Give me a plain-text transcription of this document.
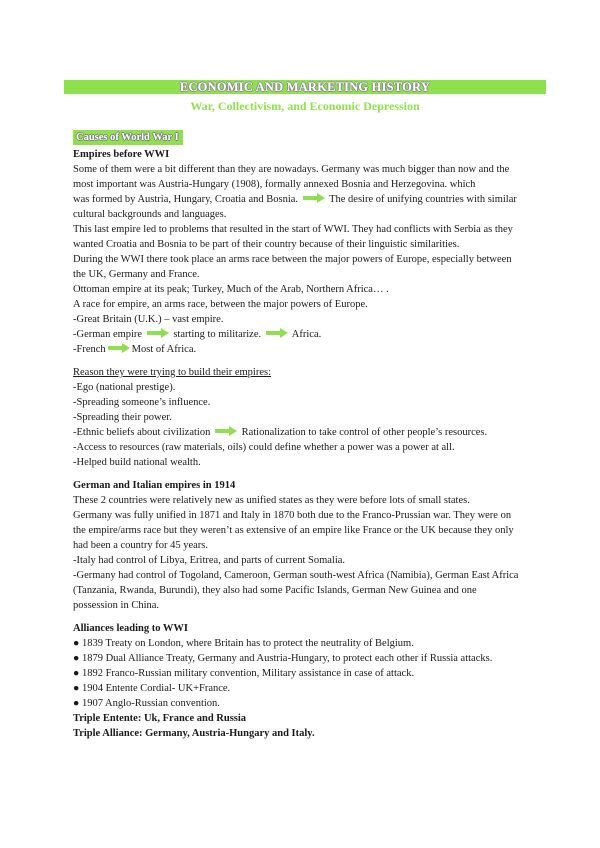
ECONOMIC AND MARKETING HISTORY
War, Collectivism, and Economic Depression
Causes of World War I

Empires before WWI

Some of them were a bit different than they are nowadays. Germany was much bigger than now and the most important was Austria-Hungary (1908), formally annexed Bosnia and Herzegovina. which

was formed by Austria, Hungary, Croatia and Bosnia.	The desire of unifying countries with similar cultural backgrounds and languages.

This last empire led to problems that resulted in the start of WWI. They had conflicts with Serbia as they wanted Croatia and Bosnia to be part of their country because of their linguistic similarities.

During the WWI there took place an arms race between the major powers of Europe, especially between the UK, Germany and France.

Ottoman empire at its peak; Turkey, Much of the Arab, Northern Africa… .

A race for empire, an arms race, between the major powers of Europe.

-Great Britain (U.K.) – vast empire.

-German empire	starting to militarize.	Africa.

-French Most of Africa.

Reason they were trying to build their empires:

-Ego (national prestige).

-Spreading someone’s influence.

-Spreading their power.

-Ethnic beliefs about civilization	Rationalization to take control of other people’s resources.

-Access to resources (raw materials, oils) could define whether a power was a power at all.

-Helped build national wealth.

German and Italian empires in 1914

These 2 countries were relatively new as unified states as they were before lots of small states.

Germany was fully unified in 1871 and Italy in 1870 both due to the Franco-Prussian war. They were on the empire/arms race but they weren’t as extensive of an empire like France or the UK because they only had been a country for 45 years.

-Italy had control of Libya, Eritrea, and parts of current Somalia.

-Germany had control of Togoland, Cameroon, German south-west Africa (Namibia), German East Africa (Tanzania, Rwanda, Burundi), they also had some Pacific Islands, German New Guinea and one possession in China.

Alliances leading to WWI

● 1839 Treaty on London, where Britain has to protect the neutrality of Belgium.

● 1879 Dual Alliance Treaty, Germany and Austria-Hungary, to protect each other if Russia attacks.

● 1892 Franco-Russian military convention, Military assistance in case of attack.

● 1904 Entente Cordial- UK+France.

● 1907 Anglo-Russian convention.

Triple Entente: Uk, France and Russia

Triple Alliance: Germany, Austria-Hungary and Italy.
